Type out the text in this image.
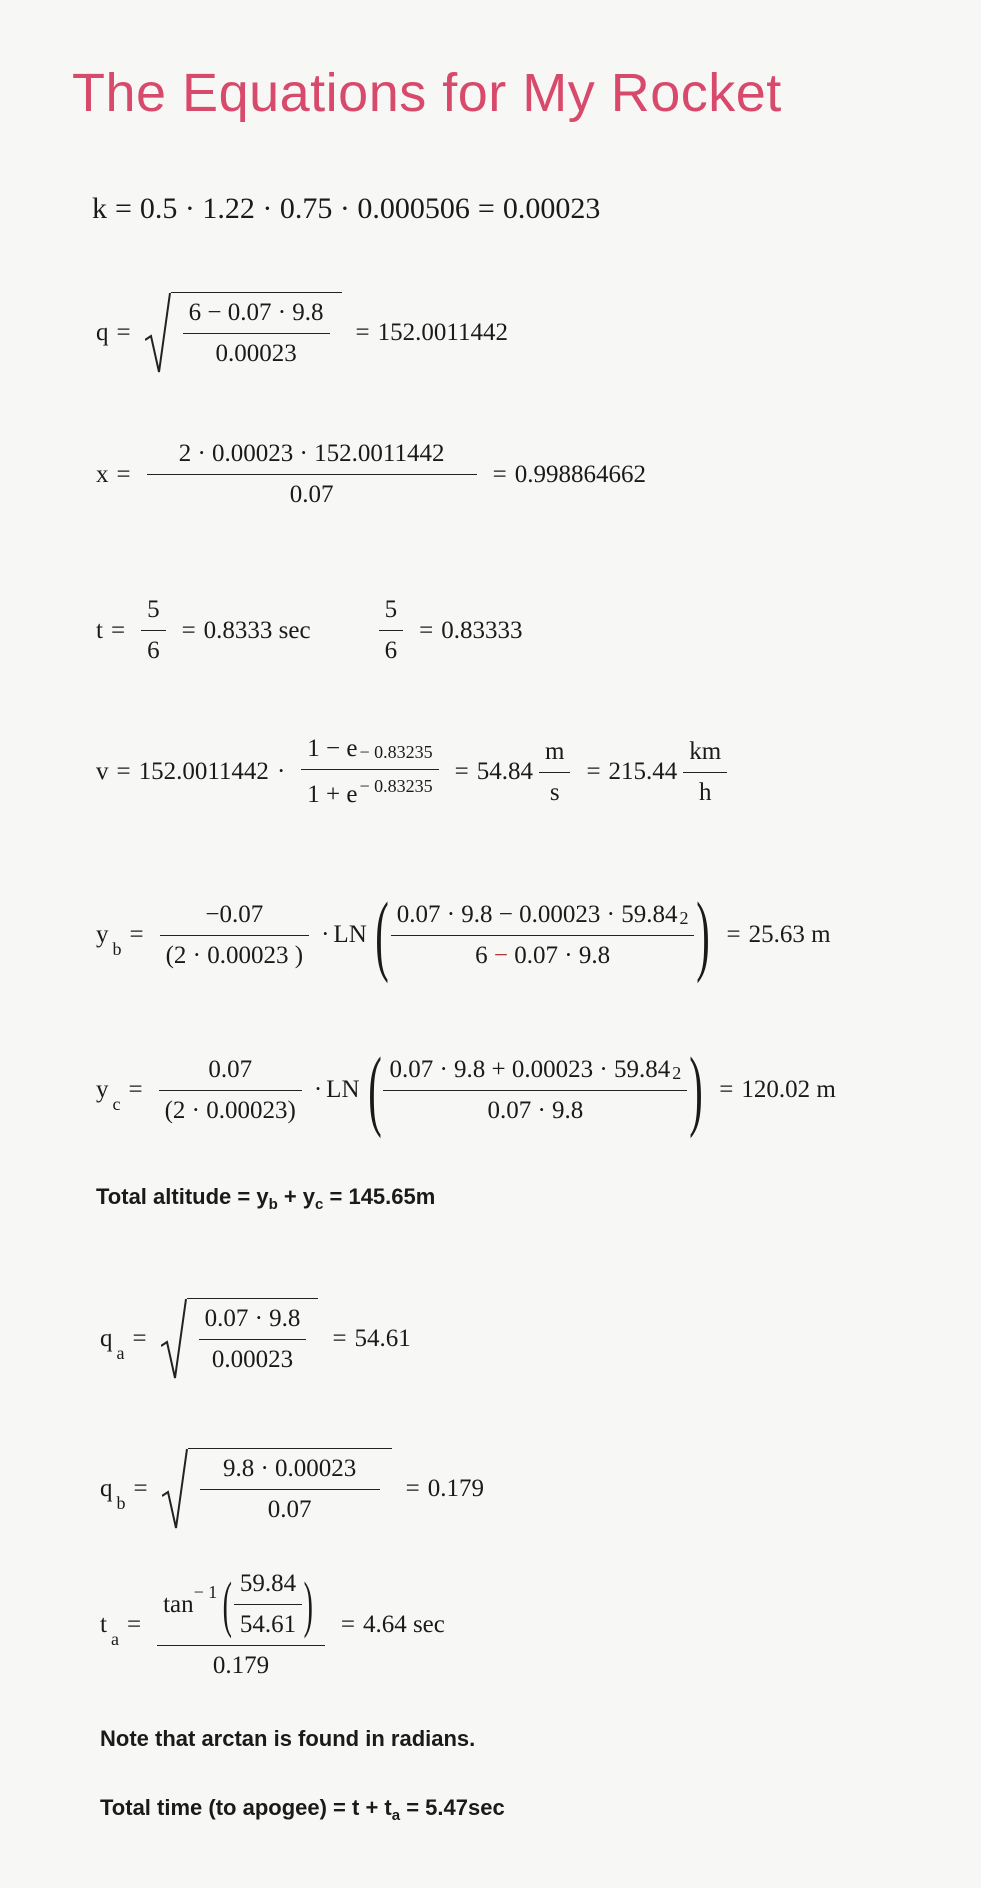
The Equations for My Rocket
k = 0.5 · 1.22 · 0.75 · 0.000506 = 0.00023
$q = \frac{6 - 0.07 \cdot 9.8}{0.00023} = 152.0011442$
$x = \frac{2 \cdot 0.00023 \cdot 152.0011442}{0.07} = 0.998864662$
$t = \frac{5}{6} = 0.8333$ sec	$\frac{5}{6} = 0.83333$
$v = 152.0011442 \cdot \frac{1 - e - 0.83235}{1 + e ^{- 0.83235}} = 54.84 \frac{m}{s} = 215.44 \frac{km}{h}$
y
$_b$
= $\frac{-0.07}{(2 \cdot 0.00023 )}$ · LN ( $\frac{0.07 \cdot 9.8 - 0.00023 \cdot 59.84 2}{6 - 0.07 \cdot 9.8}$ ) = 25.63 m
y
$_c$
= $\frac{0.07}{(2 \cdot 0.00023)}$ · LN ( $\frac{0.07 \cdot 9.8 + 0.00023 \cdot 59.84 2}{0.07 \cdot 9.8}$ ) = 120.02 m
Total altitude = $y_b + y_c = 145.65m$
q
$_a$
= $\frac{0.07 \cdot 9.8}{0.00023} = 54.61$
q
$_b$
= $\frac{9.8 \cdot 0.00023}{0.07} = 0.179$
t
$_a$
=
$\tan^{- 1}$ ( $\frac{59.84}{54.61}$ )
0.179
= 4.64 sec
Note that arctan is found in radians.
Total time (to apogee) = $t + t_a = 5.47\sec$
